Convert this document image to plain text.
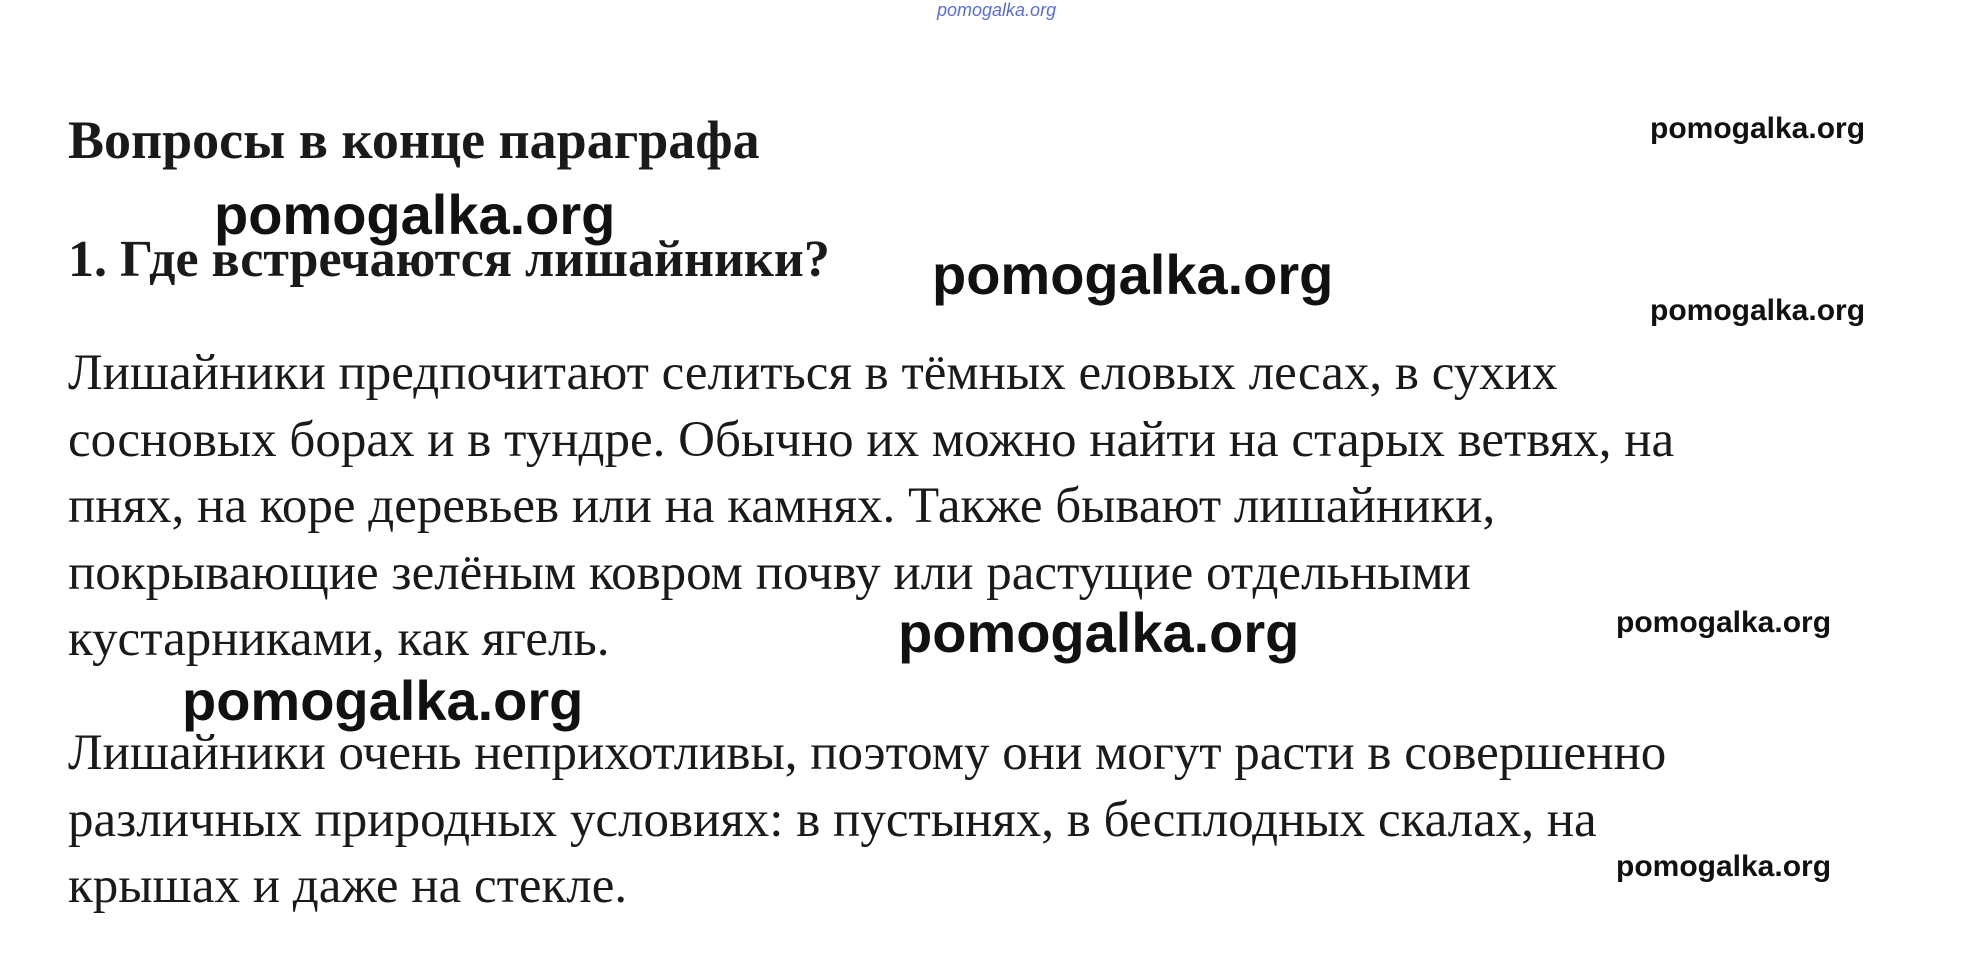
pomogalka.org
Вопросы в конце параграфа
1. Где встречаются лишайники?

Лишайники предпочитают селиться в тёмных еловых лесах, в сухих
сосновых борах и в тундре. Обычно их можно найти на старых ветвях, на
пнях, на коре деревьев или на камнях. Также бывают лишайники,
покрывающие зелёным ковром почву или растущие отдельными
кустарниками, как ягель.

Лишайники очень неприхотливы, поэтому они могут расти в совершенно
различных природных условиях: в пустынях, в бесплодных скалах, на
крышах и даже на стекле.

pomogalka.org
pomogalka.org
pomogalka.org
pomogalka.org
pomogalka.org	pomogalka.org
pomogalka.org
pomogalka.org
